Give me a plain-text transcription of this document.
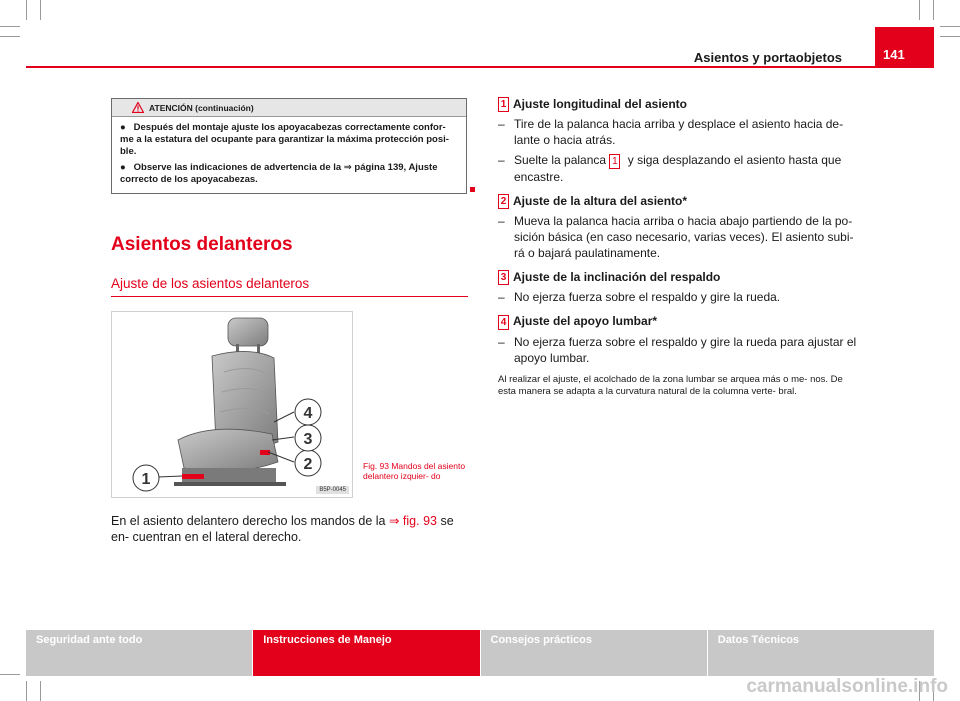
Asientos y portaobjetos	141
ATENCIÓN (continuación)

●   Después del montaje ajuste los apoyacabezas correctamente confor- me a la estatura del ocupante para garantizar la máxima protección posi- ble.

●   Observe las indicaciones de advertencia de la ⇒ página 139, Ajuste correcto de los apoyacabezas.

Asientos delanteros
Ajuste de los asientos delanteros
1
2
3
4
B5P-0045
Fig. 93 Mandos del asiento delantero izquier- do
En el asiento delantero derecho los mandos de la ⇒ fig. 93 se en- cuentran en el lateral derecho.

1 Ajuste longitudinal del asiento

– Tire de la palanca hacia arriba y desplace el asiento hacia de- lante o hacia atrás.
– Suelte la palanca 1 y siga desplazando el asiento hasta que encastre.

2 Ajuste de la altura del asiento*

– Mueva la palanca hacia arriba o hacia abajo partiendo de la po- sición básica (en caso necesario, varias veces). El asiento subi- rá o bajará paulatinamente.

3 Ajuste de la inclinación del respaldo

– No ejerza fuerza sobre el respaldo y gire la rueda.

4 Ajuste del apoyo lumbar*

– No ejerza fuerza sobre el respaldo y gire la rueda para ajustar el apoyo lumbar.
Al realizar el ajuste, el acolchado de la zona lumbar se arquea más o me- nos. De esta manera se adapta a la curvatura natural de la columna verte- bral.
Seguridad ante todo	Instrucciones de Manejo	Consejos prácticos	Datos Técnicos
carmanualsonline.info
